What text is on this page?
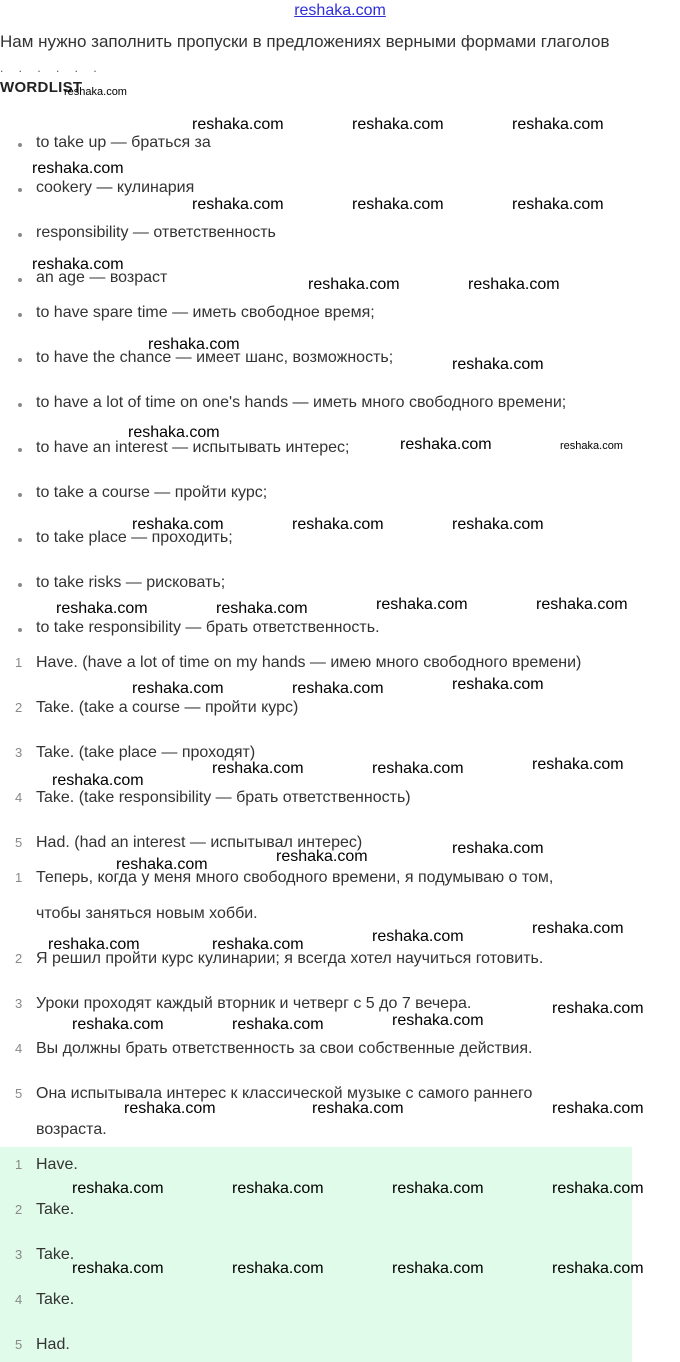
reshaka.com
Нам нужно заполнить пропуски в предложениях верными формами глаголов
. . . . . .
WORDLIST
to take up — браться за
cookery — кулинария
responsibility — ответственность
an age — возраст
to have spare time — иметь свободное время;
to have the chance — имеет шанс, возможность;
to have a lot of time on one's hands — иметь много свободного времени;
to have an interest — испытывать интерес;
to take a course — пройти курс;
to take place — проходить;
to take risks — рисковать;
to take responsibility — брать ответственность.
1 Have. (have a lot of time on my hands — имею много свободного времени)
2 Take. (take a course — пройти курс)
3 Take. (take place — проходят)
4 Take. (take responsibility — брать ответственность)
5 Had. (had an interest — испытывал интерес)
1 Теперь, когда у меня много свободного времени, я подумываю о том,
чтобы заняться новым хобби.
2 Я решил пройти курс кулинарии; я всегда хотел научиться готовить.
3 Уроки проходят каждый вторник и четверг с 5 до 7 вечера.
4 Вы должны брать ответственность за свои собственные действия.
5 Она испытывала интерес к классической музыке с самого раннего
возраста.
1 Have.
2 Take.
3 Take.
4 Take.
5 Had.
reshaka.com
reshaka.com	reshaka.com	reshaka.com
reshaka.com
reshaka.com	reshaka.com	reshaka.com
reshaka.com
reshaka.com	reshaka.com
reshaka.com
reshaka.com
reshaka.com
reshaka.com	reshaka.com
reshaka.com	reshaka.com	reshaka.com
reshaka.com	reshaka.com	reshaka.com	reshaka.com
reshaka.com	reshaka.com	reshaka.com
reshaka.com	reshaka.com	reshaka.com
reshaka.com
reshaka.com
reshaka.com
reshaka.com
reshaka.com	reshaka.com	reshaka.com	reshaka.com
reshaka.com
reshaka.com
reshaka.com	reshaka.com
reshaka.com	reshaka.com	reshaka.com
reshaka.com	reshaka.com	reshaka.com	reshaka.com
reshaka.com	reshaka.com	reshaka.com	reshaka.com
